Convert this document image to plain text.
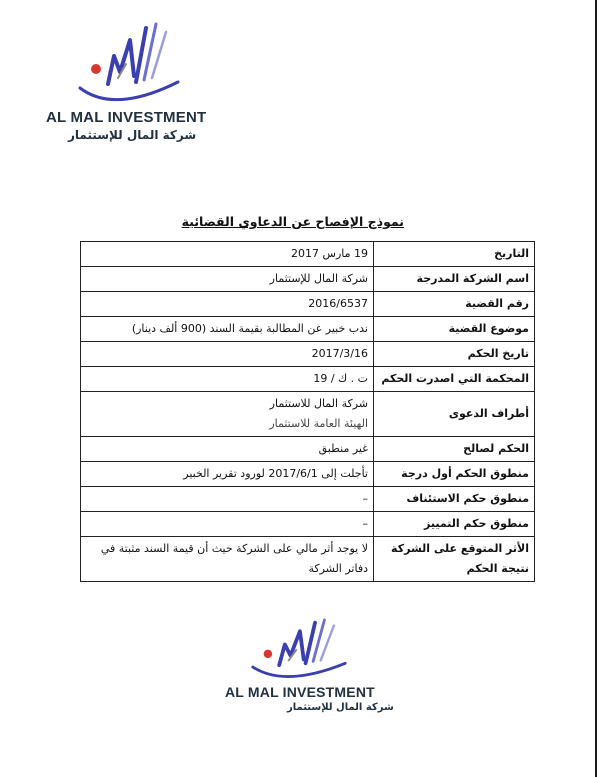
AL MAL INVESTMENT
شركة المال للإستثمار
نموذج الإفصاح عن الدعاوي القضائية
التاريخ	19 مارس 2017
اسم الشركة المدرجة	شركة المال للإستثمار
رقم القضية	2016/6537
موضوع القضية	ندب خبير عن المطالبة بقيمة السند (900 ألف دينار)
تاريخ الحكم	2017/3/16
المحكمة التي اصدرت الحكم	ت . ك / 19
أطراف الدعوى	شركة المال للاستثمار
الهيئة العامة للاستثمار

الحكم لصالح	غير منطبق
منطوق الحكم أول درجة	تأجلت إلى 2017/6/1 لورود تقرير الخبير
منطوق حكم الاستئناف	–
منطوق حكم التمييز	–
الأثر المتوقع على الشركة نتيجة الحكم	لا يوجد أثر مالي على الشركة حيث أن قيمة السند مثبتة في دفاتر الشركة
AL MAL INVESTMENT
شركة المال للإستثمار
